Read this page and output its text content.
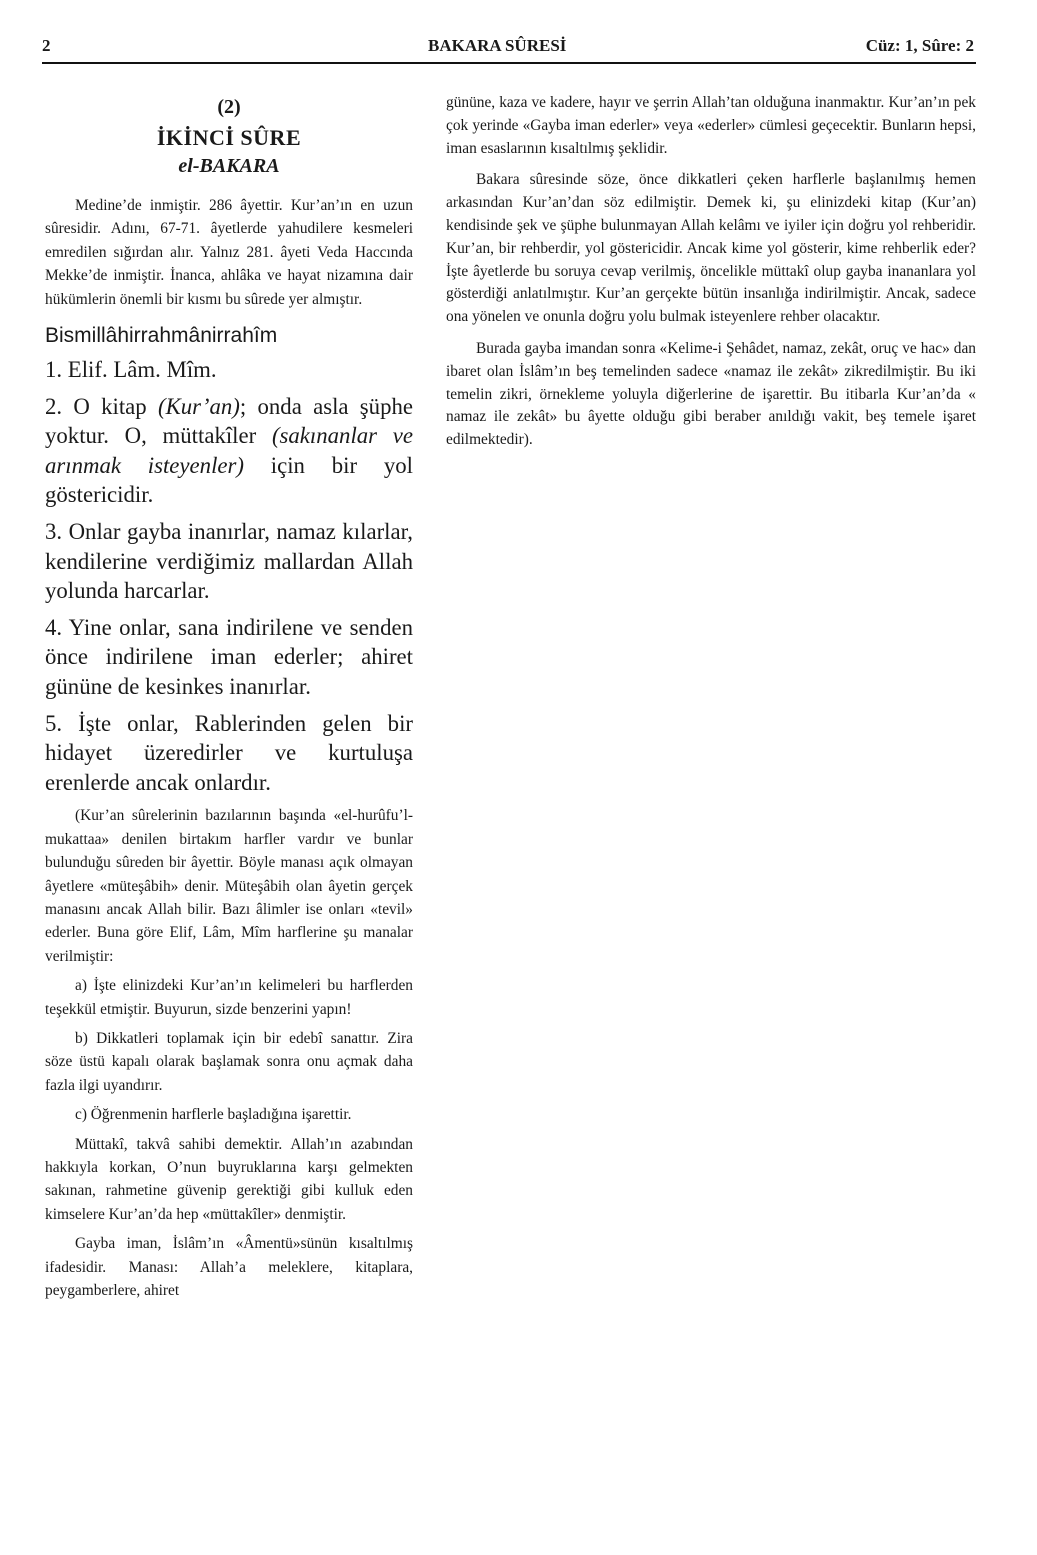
2	BAKARA SÛRESİ	Cüz: 1, Sûre: 2
(2)
İKİNCİ SÛRE
el-BAKARA

Medine’de inmiştir. 286 âyettir. Kur’an’ın en uzun sûresidir. Adını, 67-71. âyetlerde yahudilere kesmeleri emredilen sığırdan alır. Yalnız 281. âyeti Veda Haccında Mekke’de inmiştir. İnanca, ahlâka ve hayat nizamına dair hükümlerin önemli bir kısmı bu sûrede yer almıştır.

Bismillâhirrahmânirrahîm

1. Elif. Lâm. Mîm.

2. O kitap (Kur’an); onda asla şüphe yoktur. O, müttakîler (sakınanlar ve arınmak isteyenler) için bir yol göstericidir.

3. Onlar gayba inanırlar, namaz kılarlar, kendilerine verdiğimiz mallardan Allah yolunda harcarlar.

4. Yine onlar, sana indirilene ve senden önce indirilene iman ederler; ahiret gününe de kesinkes inanırlar.

5. İşte onlar, Rablerinden gelen bir hidayet üzeredirler ve kurtuluşa erenlerde ancak onlardır.

(Kur’an sûrelerinin bazılarının başında «el-hurûfu’l-mukattaa» denilen birtakım harfler vardır ve bunlar bulunduğu sûreden bir âyettir. Böyle manası açık olmayan âyetlere «müteşâbih» denir. Müteşâbih olan âyetin gerçek manasını ancak Allah bilir. Bazı âlimler ise onları «tevil» ederler. Buna göre Elif, Lâm, Mîm harflerine şu manalar verilmiştir:

a) İşte elinizdeki Kur’an’ın kelimeleri bu harflerden teşekkül etmiştir. Buyurun, sizde benzerini yapın!

b) Dikkatleri toplamak için bir edebî sanattır. Zira söze üstü kapalı olarak başlamak sonra onu açmak daha fazla ilgi uyandırır.

c) Öğrenmenin harflerle başladığına işarettir.

Müttakî, takvâ sahibi demektir. Allah’ın azabından hakkıyla korkan, O’nun buyruklarına karşı gelmekten sakınan, rahmetine güvenip gerektiği gibi kulluk eden kimselere Kur’an’da hep «müttakîler» denmiştir.

Gayba iman, İslâm’ın «Âmentü»sünün kısaltılmış ifadesidir. Manası: Allah’a meleklere, kitaplara, peygamberlere, ahiret

gününe, kaza ve kadere, hayır ve şerrin Allah’tan olduğuna inanmaktır. Kur’an’ın pek çok yerinde «Gayba iman ederler» veya «ederler» cümlesi geçecektir. Bunların hepsi, iman esaslarının kısaltılmış şeklidir.

Bakara sûresinde söze, önce dikkatleri çeken harflerle başlanılmış hemen arkasından Kur’an’dan söz edilmiştir. Demek ki, şu elinizdeki kitap (Kur’an) kendisinde şek ve şüphe bulunmayan Allah kelâmı ve iyiler için doğru yol rehberidir. Kur’an, bir rehberdir, yol göstericidir. Ancak kime yol gösterir, kime rehberlik eder? İşte âyetlerde bu soruya cevap verilmiş, öncelikle müttakî olup gayba inananlara yol gösterdiği anlatılmıştır. Kur’an gerçekte bütün insanlığa indirilmiştir. Ancak, sadece ona yönelen ve onunla doğru yolu bulmak isteyenlere rehber olacaktır.

Burada gayba imandan sonra «Kelime-i Şehâdet, namaz, zekât, oruç ve hac» dan ibaret olan İslâm’ın beş temelinden sadece «namaz ile zekât» zikredilmiştir. Bu iki temelin zikri, örnekleme yoluyla diğerlerine de işarettir. Bu itibarla Kur’an’da « namaz ile zekât» bu âyette olduğu gibi beraber anıldığı vakit, beş temele işaret edilmektedir).
